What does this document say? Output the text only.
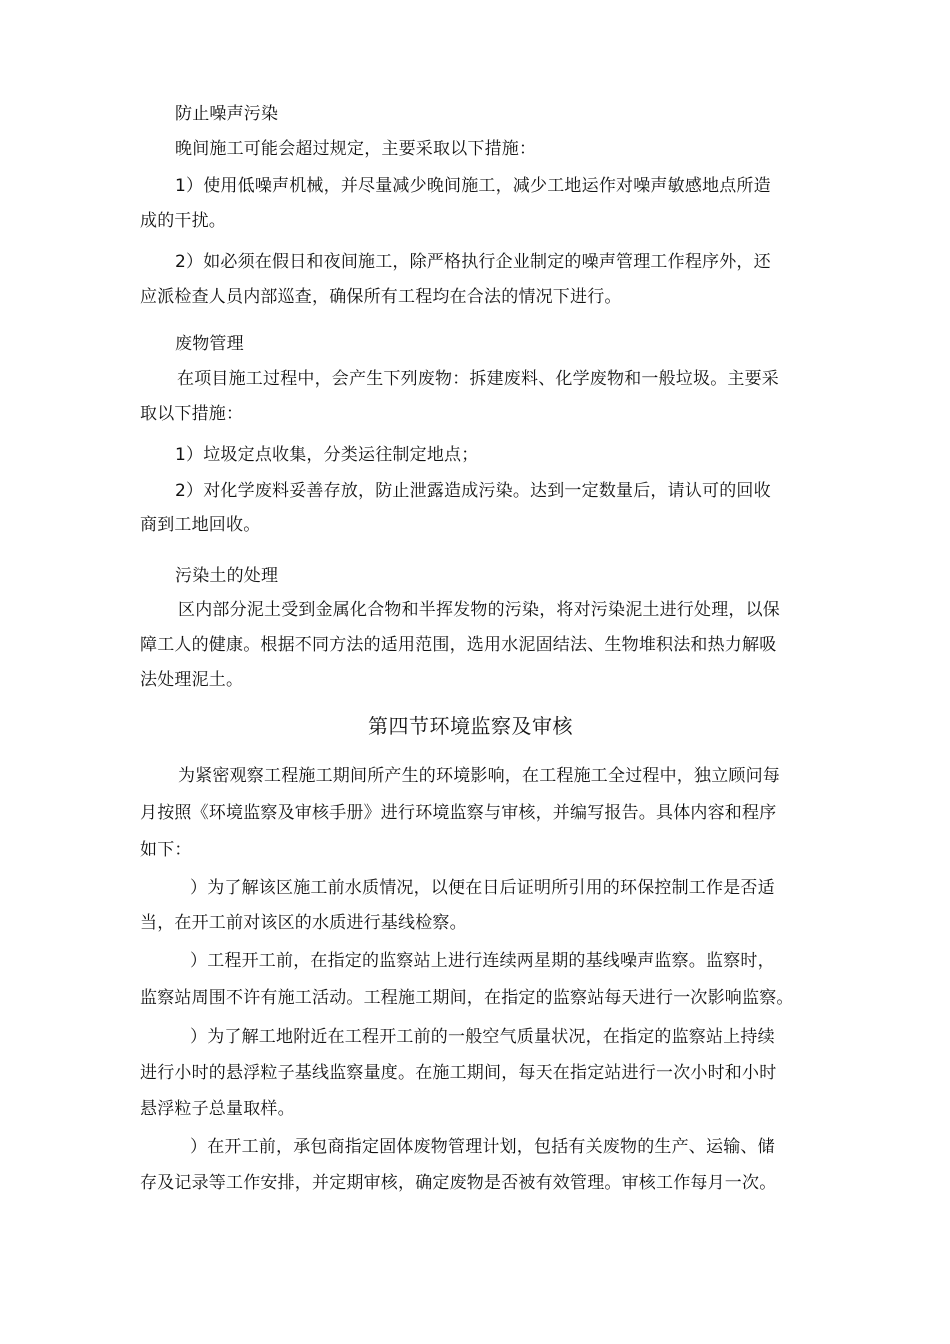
防止噪声污染
晚间施工可能会超过规定，主要采取以下措施：
1）使用低噪声机械，并尽量减少晚间施工，减少工地运作对噪声敏感地点所造
成的干扰。
2）如必须在假日和夜间施工，除严格执行企业制定的噪声管理工作程序外，还
应派检查人员内部巡查，确保所有工程均在合法的情况下进行。
废物管理
在项目施工过程中，会产生下列废物：拆建废料、化学废物和一般垃圾。主要采
取以下措施：
1）垃圾定点收集，分类运往制定地点；
2）对化学废料妥善存放，防止泄露造成污染。达到一定数量后，请认可的回收
商到工地回收。
污染土的处理
区内部分泥土受到金属化合物和半挥发物的污染，将对污染泥土进行处理，以保
障工人的健康。根据不同方法的适用范围，选用水泥固结法、生物堆积法和热力解吸
法处理泥土。
第四节环境监察及审核
为紧密观察工程施工期间所产生的环境影响，在工程施工全过程中，独立顾问每
月按照《环境监察及审核手册》进行环境监察与审核，并编写报告。具体内容和程序
如下：
）为了解该区施工前水质情况，以便在日后证明所引用的环保控制工作是否适
当，在开工前对该区的水质进行基线检察。
）工程开工前，在指定的监察站上进行连续两星期的基线噪声监察。监察时，
监察站周围不许有施工活动。工程施工期间，在指定的监察站每天进行一次影响监察。
）为了解工地附近在工程开工前的一般空气质量状况，在指定的监察站上持续
进行小时的悬浮粒子基线监察量度。在施工期间，每天在指定站进行一次小时和小时
悬浮粒子总量取样。
）在开工前，承包商指定固体废物管理计划，包括有关废物的生产、运输、储
存及记录等工作安排，并定期审核，确定废物是否被有效管理。审核工作每月一次。
